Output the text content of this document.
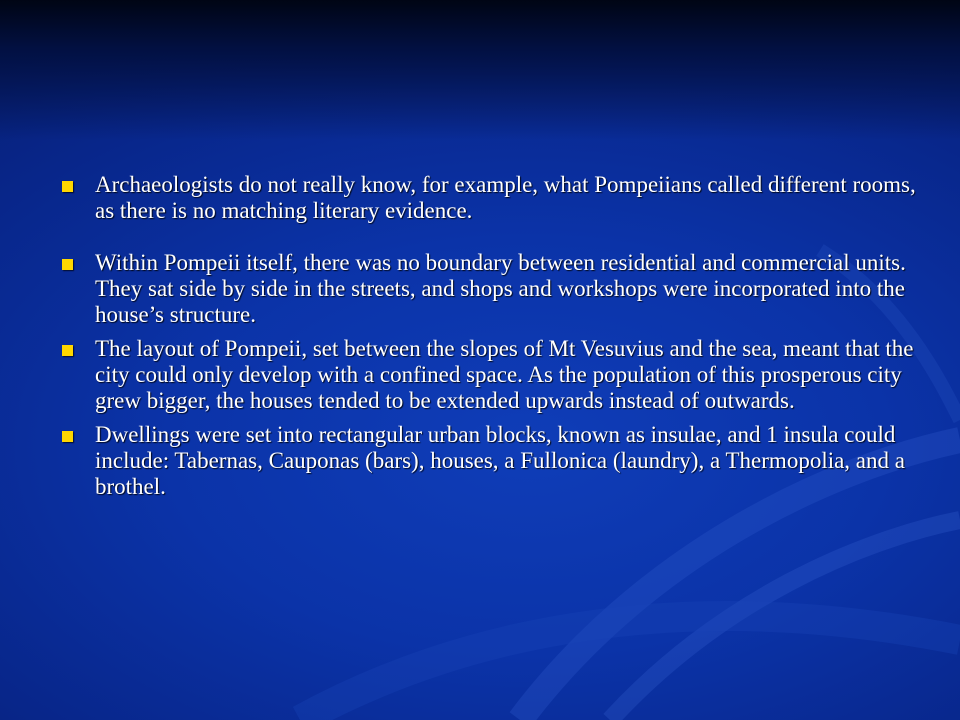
Archaeologists do not really know, for example, what Pompeiians called different rooms, as there is no matching literary evidence.
Within Pompeii itself, there was no boundary between residential and commercial units. They sat side by side in the streets, and shops and workshops were incorporated into the house’s structure.
The layout of Pompeii, set between the slopes of Mt Vesuvius and the sea, meant that the city could only develop with a confined space. As the population of this prosperous city grew bigger, the houses tended to be extended upwards instead of outwards.
Dwellings were set into rectangular urban blocks, known as insulae, and 1 insula could include: Tabernas, Cauponas (bars), houses, a Fullonica (laundry), a Thermopolia, and a brothel.
